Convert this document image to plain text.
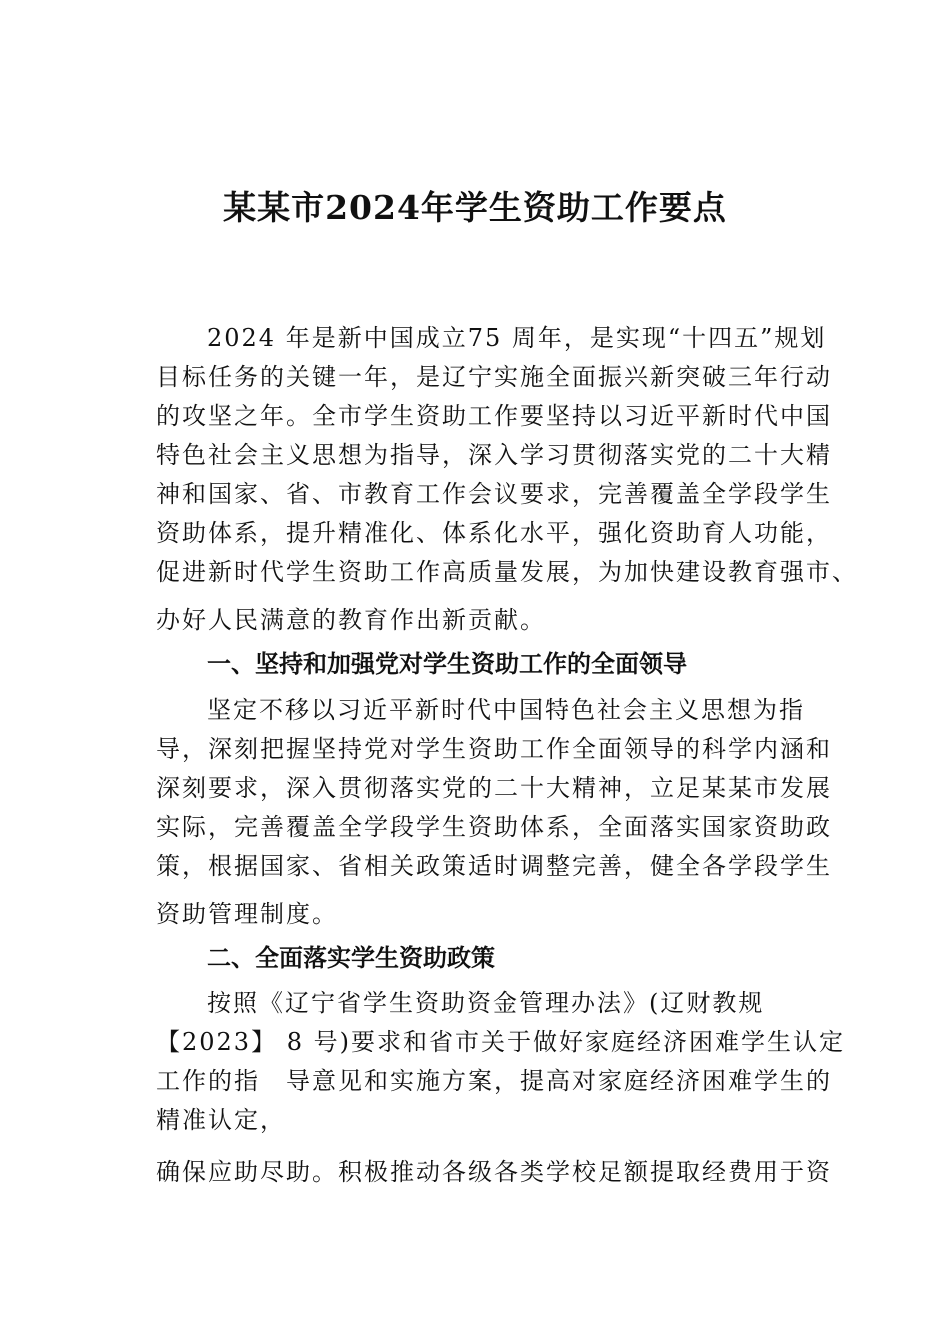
某某市2024年学生资助工作要点
2024 年是新中国成立75 周年，是实现“十四五”规划
目标任务的关键一年，是辽宁实施全面振兴新突破三年行动
的攻坚之年。全市学生资助工作要坚持以习近平新时代中国
特色社会主义思想为指导，深入学习贯彻落实党的二十大精
神和国家、省、市教育工作会议要求，完善覆盖全学段学生
资助体系，提升精准化、体系化水平，强化资助育人功能，
促进新时代学生资助工作高质量发展，为加快建设教育强市、
办好人民满意的教育作出新贡献。
一、坚持和加强党对学生资助工作的全面领导
坚定不移以习近平新时代中国特色社会主义思想为指
导，深刻把握坚持党对学生资助工作全面领导的科学内涵和
深刻要求，深入贯彻落实党的二十大精神，立足某某市发展
实际，完善覆盖全学段学生资助体系，全面落实国家资助政
策，根据国家、省相关政策适时调整完善，健全各学段学生
资助管理制度。
二、全面落实学生资助政策
按照《辽宁省学生资助资金管理办法》(辽财教规
【2023】 8 号)要求和省市关于做好家庭经济困难学生认定
工作的指　导意见和实施方案，提高对家庭经济困难学生的
精准认定，
确保应助尽助。积极推动各级各类学校足额提取经费用于资
